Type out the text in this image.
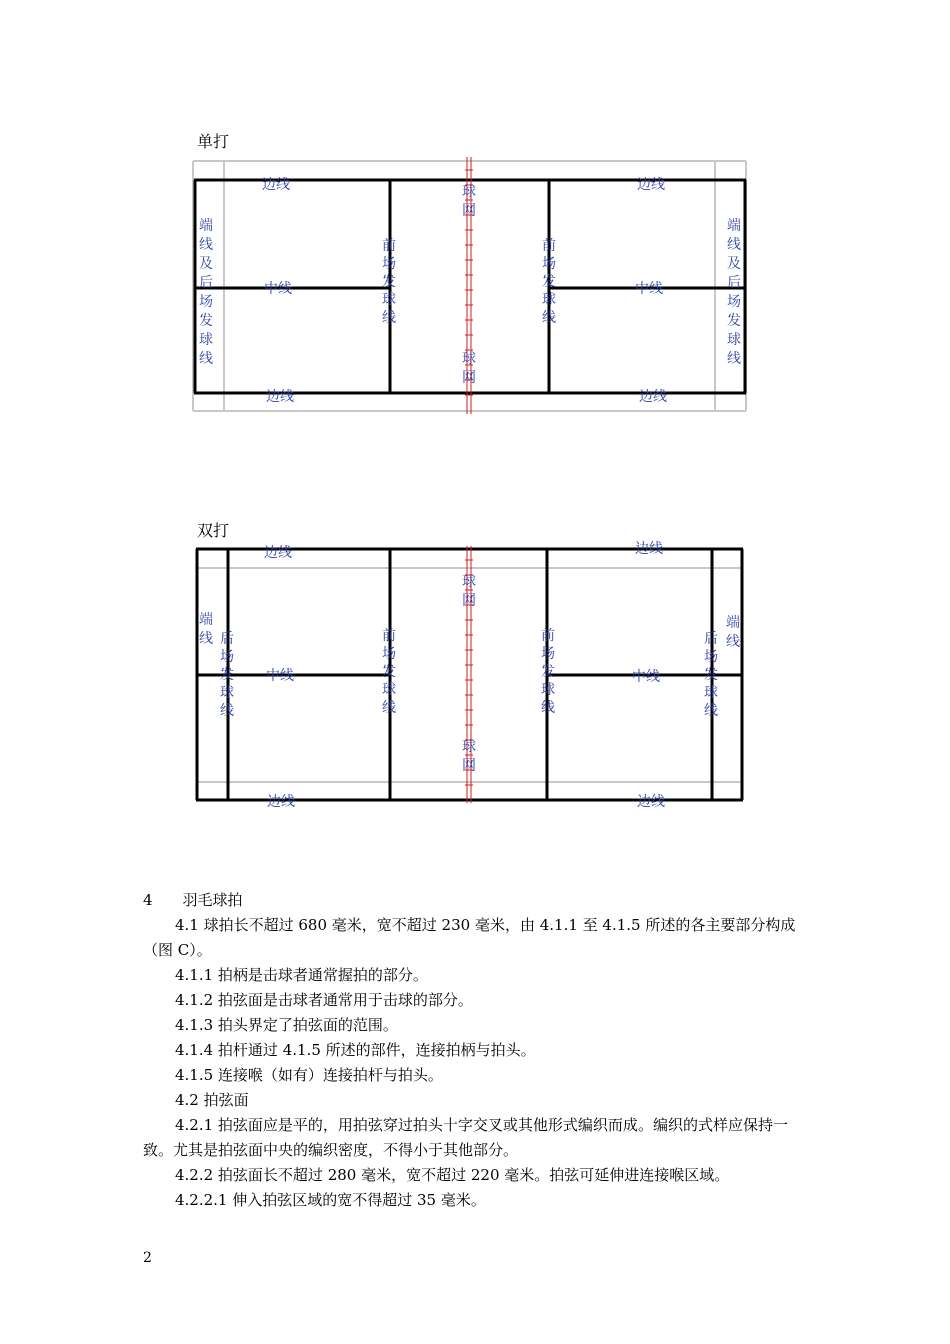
单打
边线	边线
边线	边线
中线	中线
球网
球网
前场发球线
前场发球线
端线及后场发球线
端线及后场发球线
双打
边线	边线
边线	边线
中线	中线
球网
球网
前场发球线
前场发球线
后场发球线
后场发球线
端线
端线

4 羽毛球拍

4.1 球拍长不超过 680 毫米，宽不超过 230 毫米，由 4.1.1 至 4.1.5 所述的各主要部分构成（图 C）。

4.1.1 拍柄是击球者通常握拍的部分。

4.1.2 拍弦面是击球者通常用于击球的部分。

4.1.3 拍头界定了拍弦面的范围。

4.1.4 拍杆通过 4.1.5 所述的部件，连接拍柄与拍头。

4.1.5 连接喉（如有）连接拍杆与拍头。

4.2 拍弦面

4.2.1 拍弦面应是平的，用拍弦穿过拍头十字交叉或其他形式编织而成。编织的式样应保持一致。尤其是拍弦面中央的编织密度，不得小于其他部分。

4.2.2 拍弦面长不超过 280 毫米，宽不超过 220 毫米。拍弦可延伸进连接喉区域。

4.2.2.1 伸入拍弦区域的宽不得超过 35 毫米。

2
